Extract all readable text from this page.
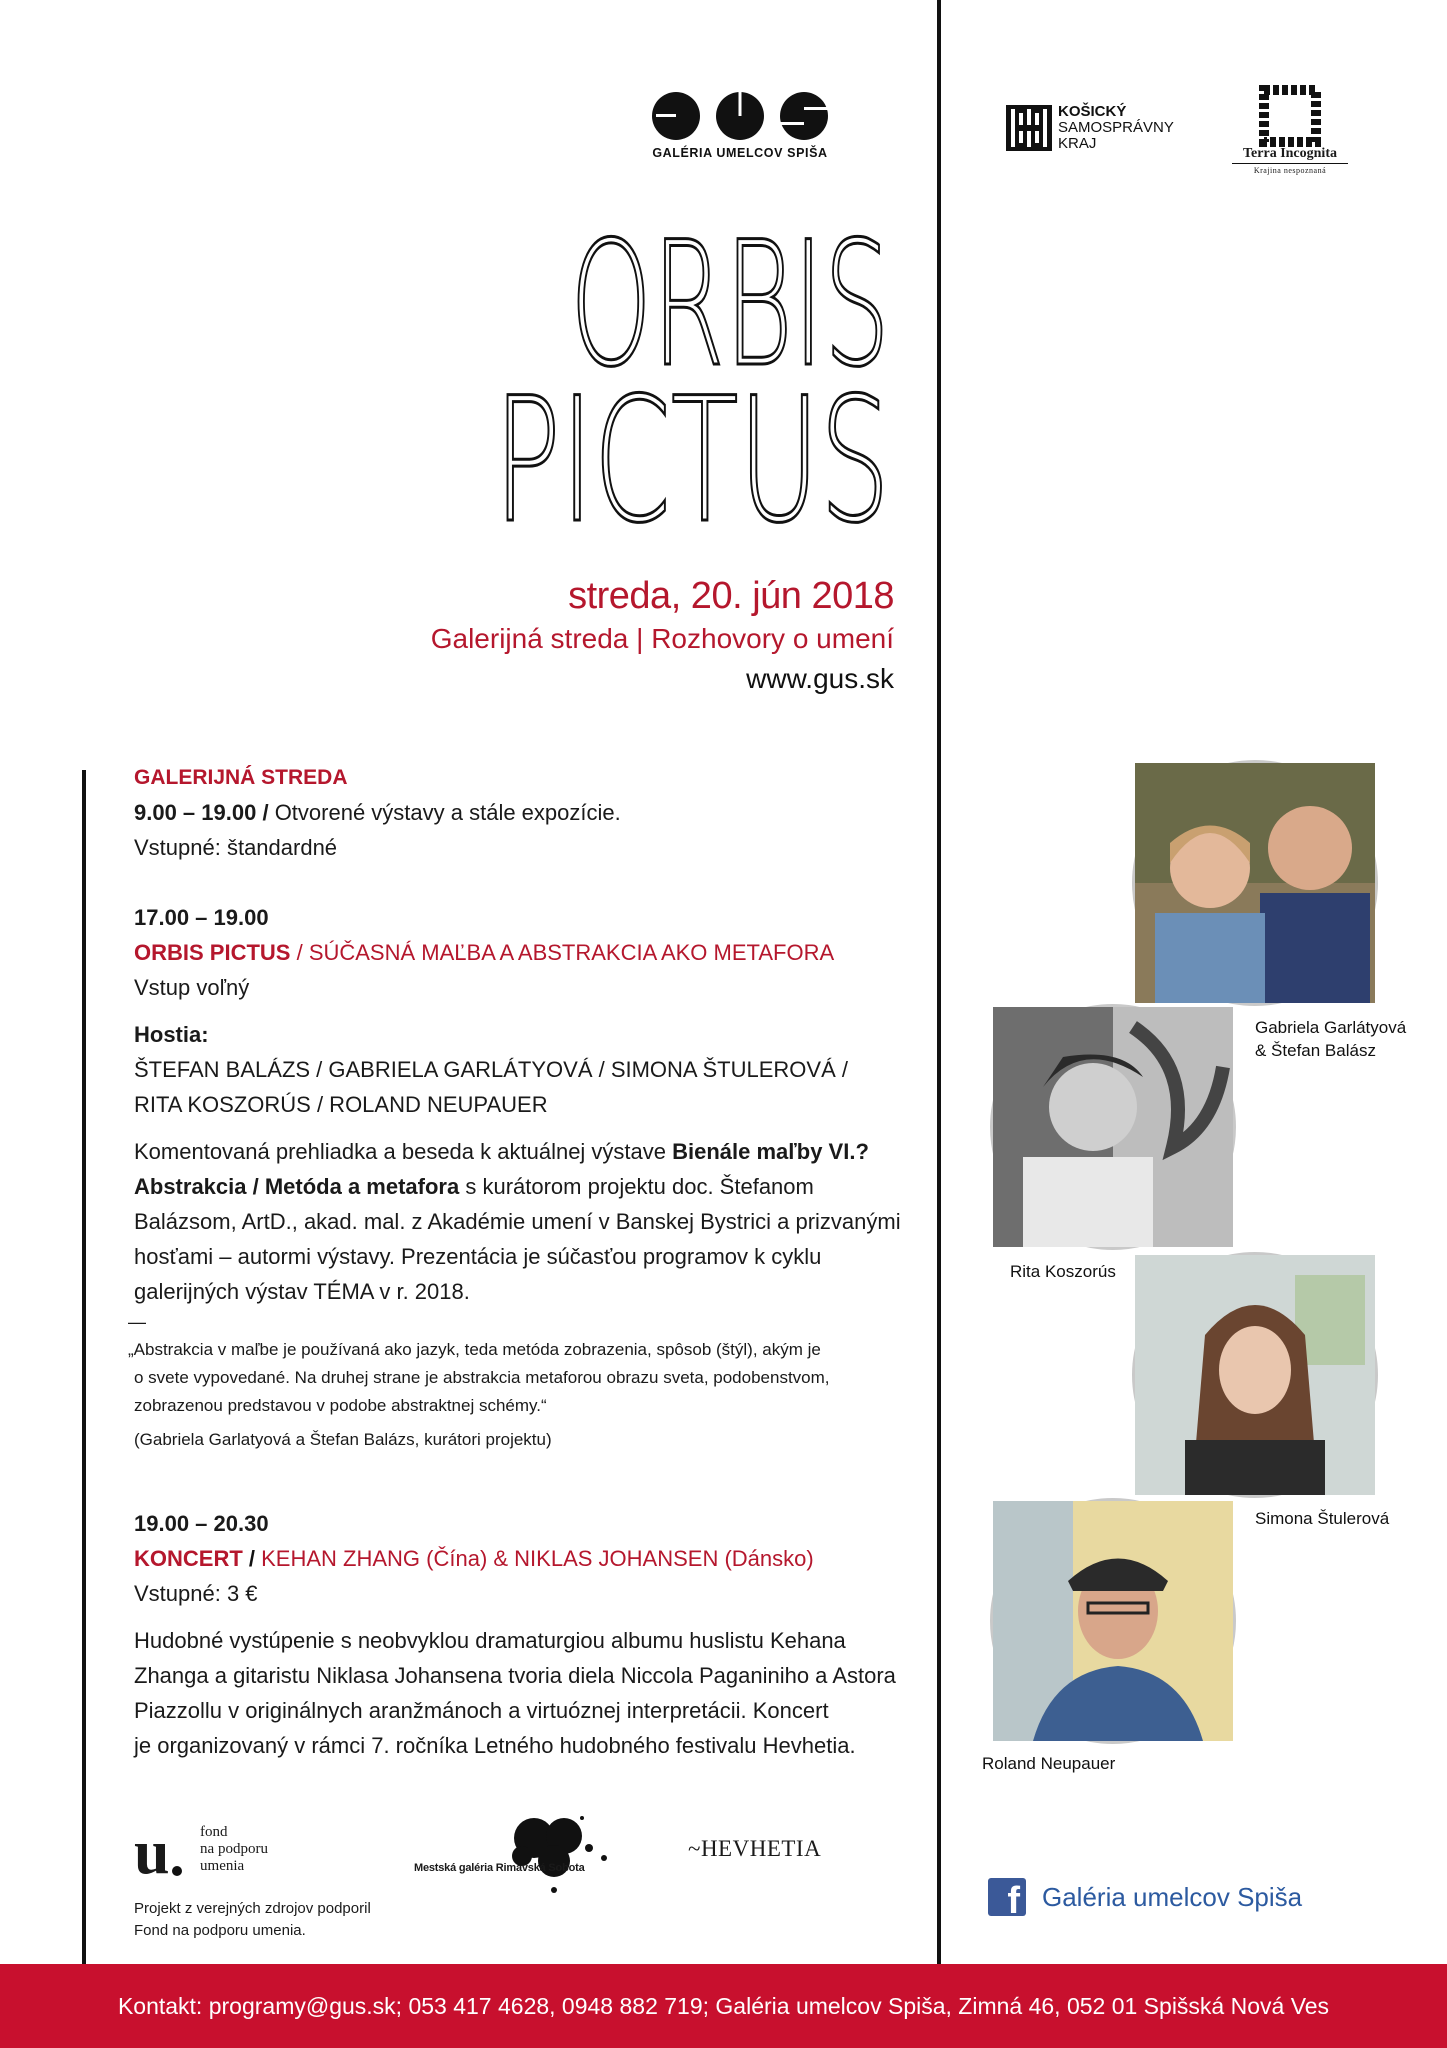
GALÉRIA UMELCOV SPIŠA
KOŠICKÝ
SAMOSPRÁVNY
KRAJ
Terra Incognita
Krajina nespoznaná
ORBIS
PICTUS
streda, 20. jún 2018
Galerijná streda | Rozhovory o umení
www.gus.sk
GALERIJNÁ STREDA
9.00 – 19.00 / Otvorené výstavy a stále expozície.
Vstupné: štandardné
17.00 – 19.00
ORBIS PICTUS / SÚČASNÁ MAĽBA A ABSTRAKCIA AKO METAFORA
Vstup voľný
Hostia:
ŠTEFAN BALÁZS / GABRIELA GARLÁTYOVÁ / SIMONA ŠTULEROVÁ /
RITA KOSZORÚS / ROLAND NEUPAUER
Komentovaná prehliadka a beseda k aktuálnej výstave Bienále maľby VI.?
Abstrakcia / Metóda a metafora s kurátorom projektu doc. Štefanom
Balázsom, ArtD., akad. mal. z Akadémie umení v Banskej Bystrici a prizvanými
hosťami – autormi výstavy. Prezentácia je súčasťou programov k cyklu
galerijných výstav TÉMA v r. 2018.
—
„Abstrakcia v maľbe je používaná ako jazyk, teda metóda zobrazenia, spôsob (štýl), akým je
o svete vypovedané. Na druhej strane je abstrakcia metaforou obrazu sveta, podobenstvom,
zobrazenou predstavou v podobe abstraktnej schémy.“
(Gabriela Garlatyová a Štefan Balázs, kurátori projektu)
19.00 – 20.30
KONCERT / KEHAN ZHANG (Čína) & NIKLAS JOHANSEN (Dánsko)
Vstupné: 3 €
Hudobné vystúpenie s neobvyklou dramaturgiou albumu huslistu Kehana
Zhanga a gitaristu Niklasa Johansena tvoria diela Niccola Paganiniho a Astora
Piazzollu v originálnych aranžmánoch a virtuóznej interpretácii. Koncert
je organizovaný v rámci 7. ročníka Letného hudobného festivalu Hevhetia.
Gabriela Garlátyová
& Štefan Balász
Rita Koszorús
Simona Štulerová
Roland Neupauer
u fond
na podporu
umenia
Projekt z verejných zdrojov podporil
Fond na podporu umenia.
Mestská galéria Rimavská Sobota
~HEVHETIA
f Galéria umelcov Spiša
Kontakt: programy@gus.sk; 053 417 4628, 0948 882 719; Galéria umelcov Spiša, Zimná 46, 052 01 Spišská Nová Ves
